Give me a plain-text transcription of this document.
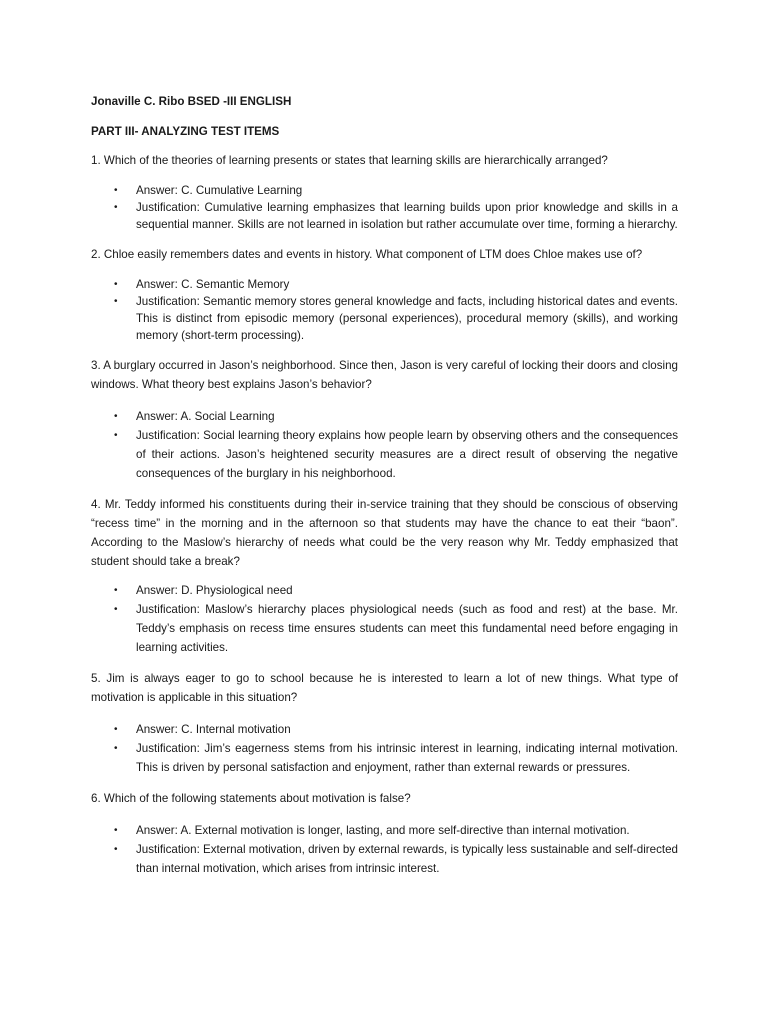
Jonaville C. Ribo BSED -III ENGLISH

PART III- ANALYZING TEST ITEMS

1. Which of the theories of learning presents or states that learning skills are hierarchically arranged?

• Answer: C. Cumulative Learning
• Justification: Cumulative learning emphasizes that learning builds upon prior knowledge and skills in a sequential manner. Skills are not learned in isolation but rather accumulate over time, forming a hierarchy.

2. Chloe easily remembers dates and events in history. What component of LTM does Chloe makes use of?

• Answer: C. Semantic Memory
• Justification: Semantic memory stores general knowledge and facts, including historical dates and events. This is distinct from episodic memory (personal experiences), procedural memory (skills), and working memory (short-term processing).

3. A burglary occurred in Jason’s neighborhood. Since then, Jason is very careful of locking their doors and closing windows. What theory best explains Jason’s behavior?

• Answer: A. Social Learning
• Justification: Social learning theory explains how people learn by observing others and the consequences of their actions. Jason’s heightened security measures are a direct result of observing the negative consequences of the burglary in his neighborhood.

4. Mr. Teddy informed his constituents during their in-service training that they should be conscious of observing “recess time” in the morning and in the afternoon so that students may have the chance to eat their “baon”. According to the Maslow’s hierarchy of needs what could be the very reason why Mr. Teddy emphasized that student should take a break?

• Answer: D. Physiological need
• Justification: Maslow’s hierarchy places physiological needs (such as food and rest) at the base. Mr. Teddy’s emphasis on recess time ensures students can meet this fundamental need before engaging in learning activities.

5. Jim is always eager to go to school because he is interested to learn a lot of new things. What type of motivation is applicable in this situation?

• Answer: C. Internal motivation
• Justification: Jim’s eagerness stems from his intrinsic interest in learning, indicating internal motivation. This is driven by personal satisfaction and enjoyment, rather than external rewards or pressures.

6. Which of the following statements about motivation is false?

• Answer: A. External motivation is longer, lasting, and more self-directive than internal motivation.
• Justification: External motivation, driven by external rewards, is typically less sustainable and self-directed than internal motivation, which arises from intrinsic interest.
